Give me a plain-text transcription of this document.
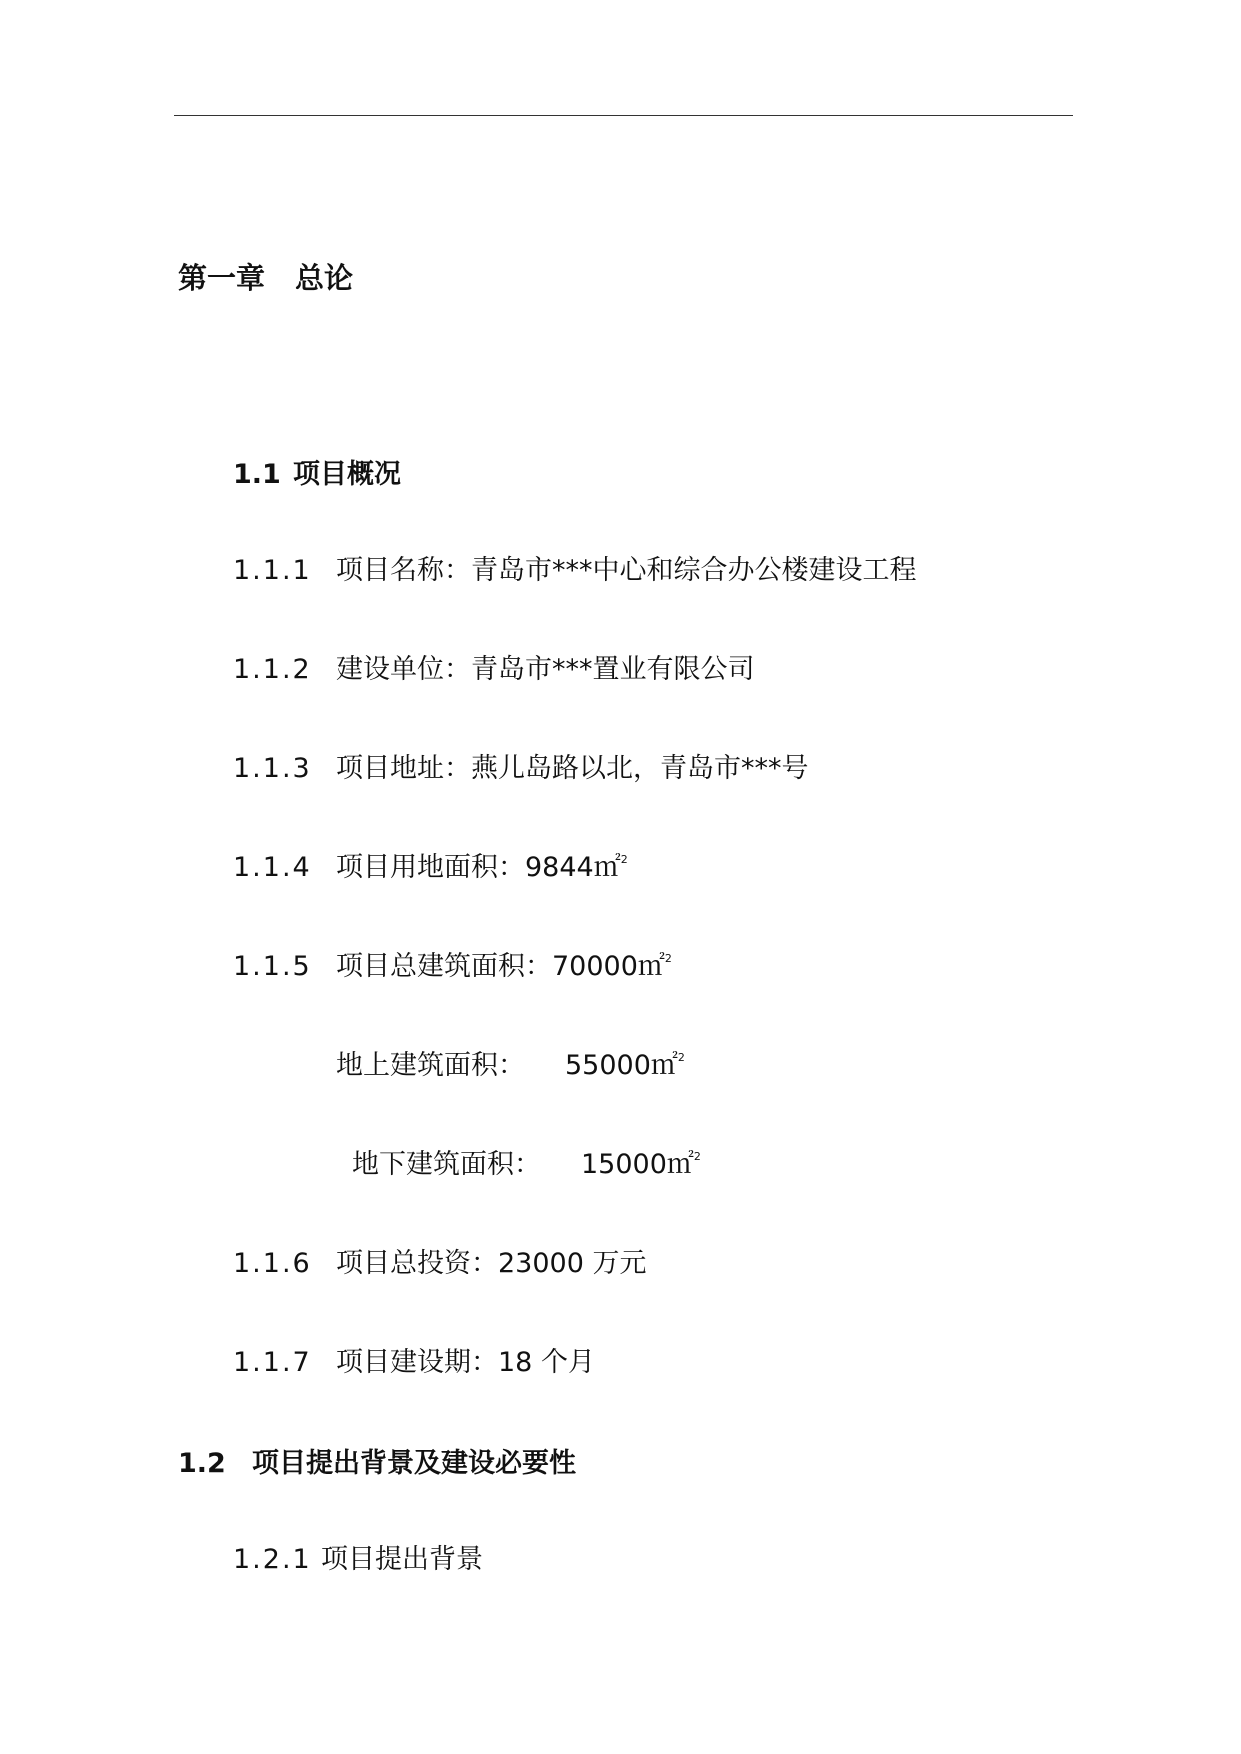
第一章 总论
1.1 项目概况
1.1.1 项目名称：青岛市***中心和综合办公楼建设工程
1.1.2 建设单位：青岛市***置业有限公司
1.1.3 项目地址：燕儿岛路以北，青岛市***号
1.1.4 项目用地面积：9844㎡$^2$
1.1.5 项目总建筑面积：70000㎡$^2$
地上建筑面积： 55000㎡$^2$
地下建筑面积： 15000㎡$^2$
1.1.6 项目总投资：23000 万元
1.1.7 项目建设期：18 个月
1.2 项目提出背景及建设必要性
1.2.1 项目提出背景
